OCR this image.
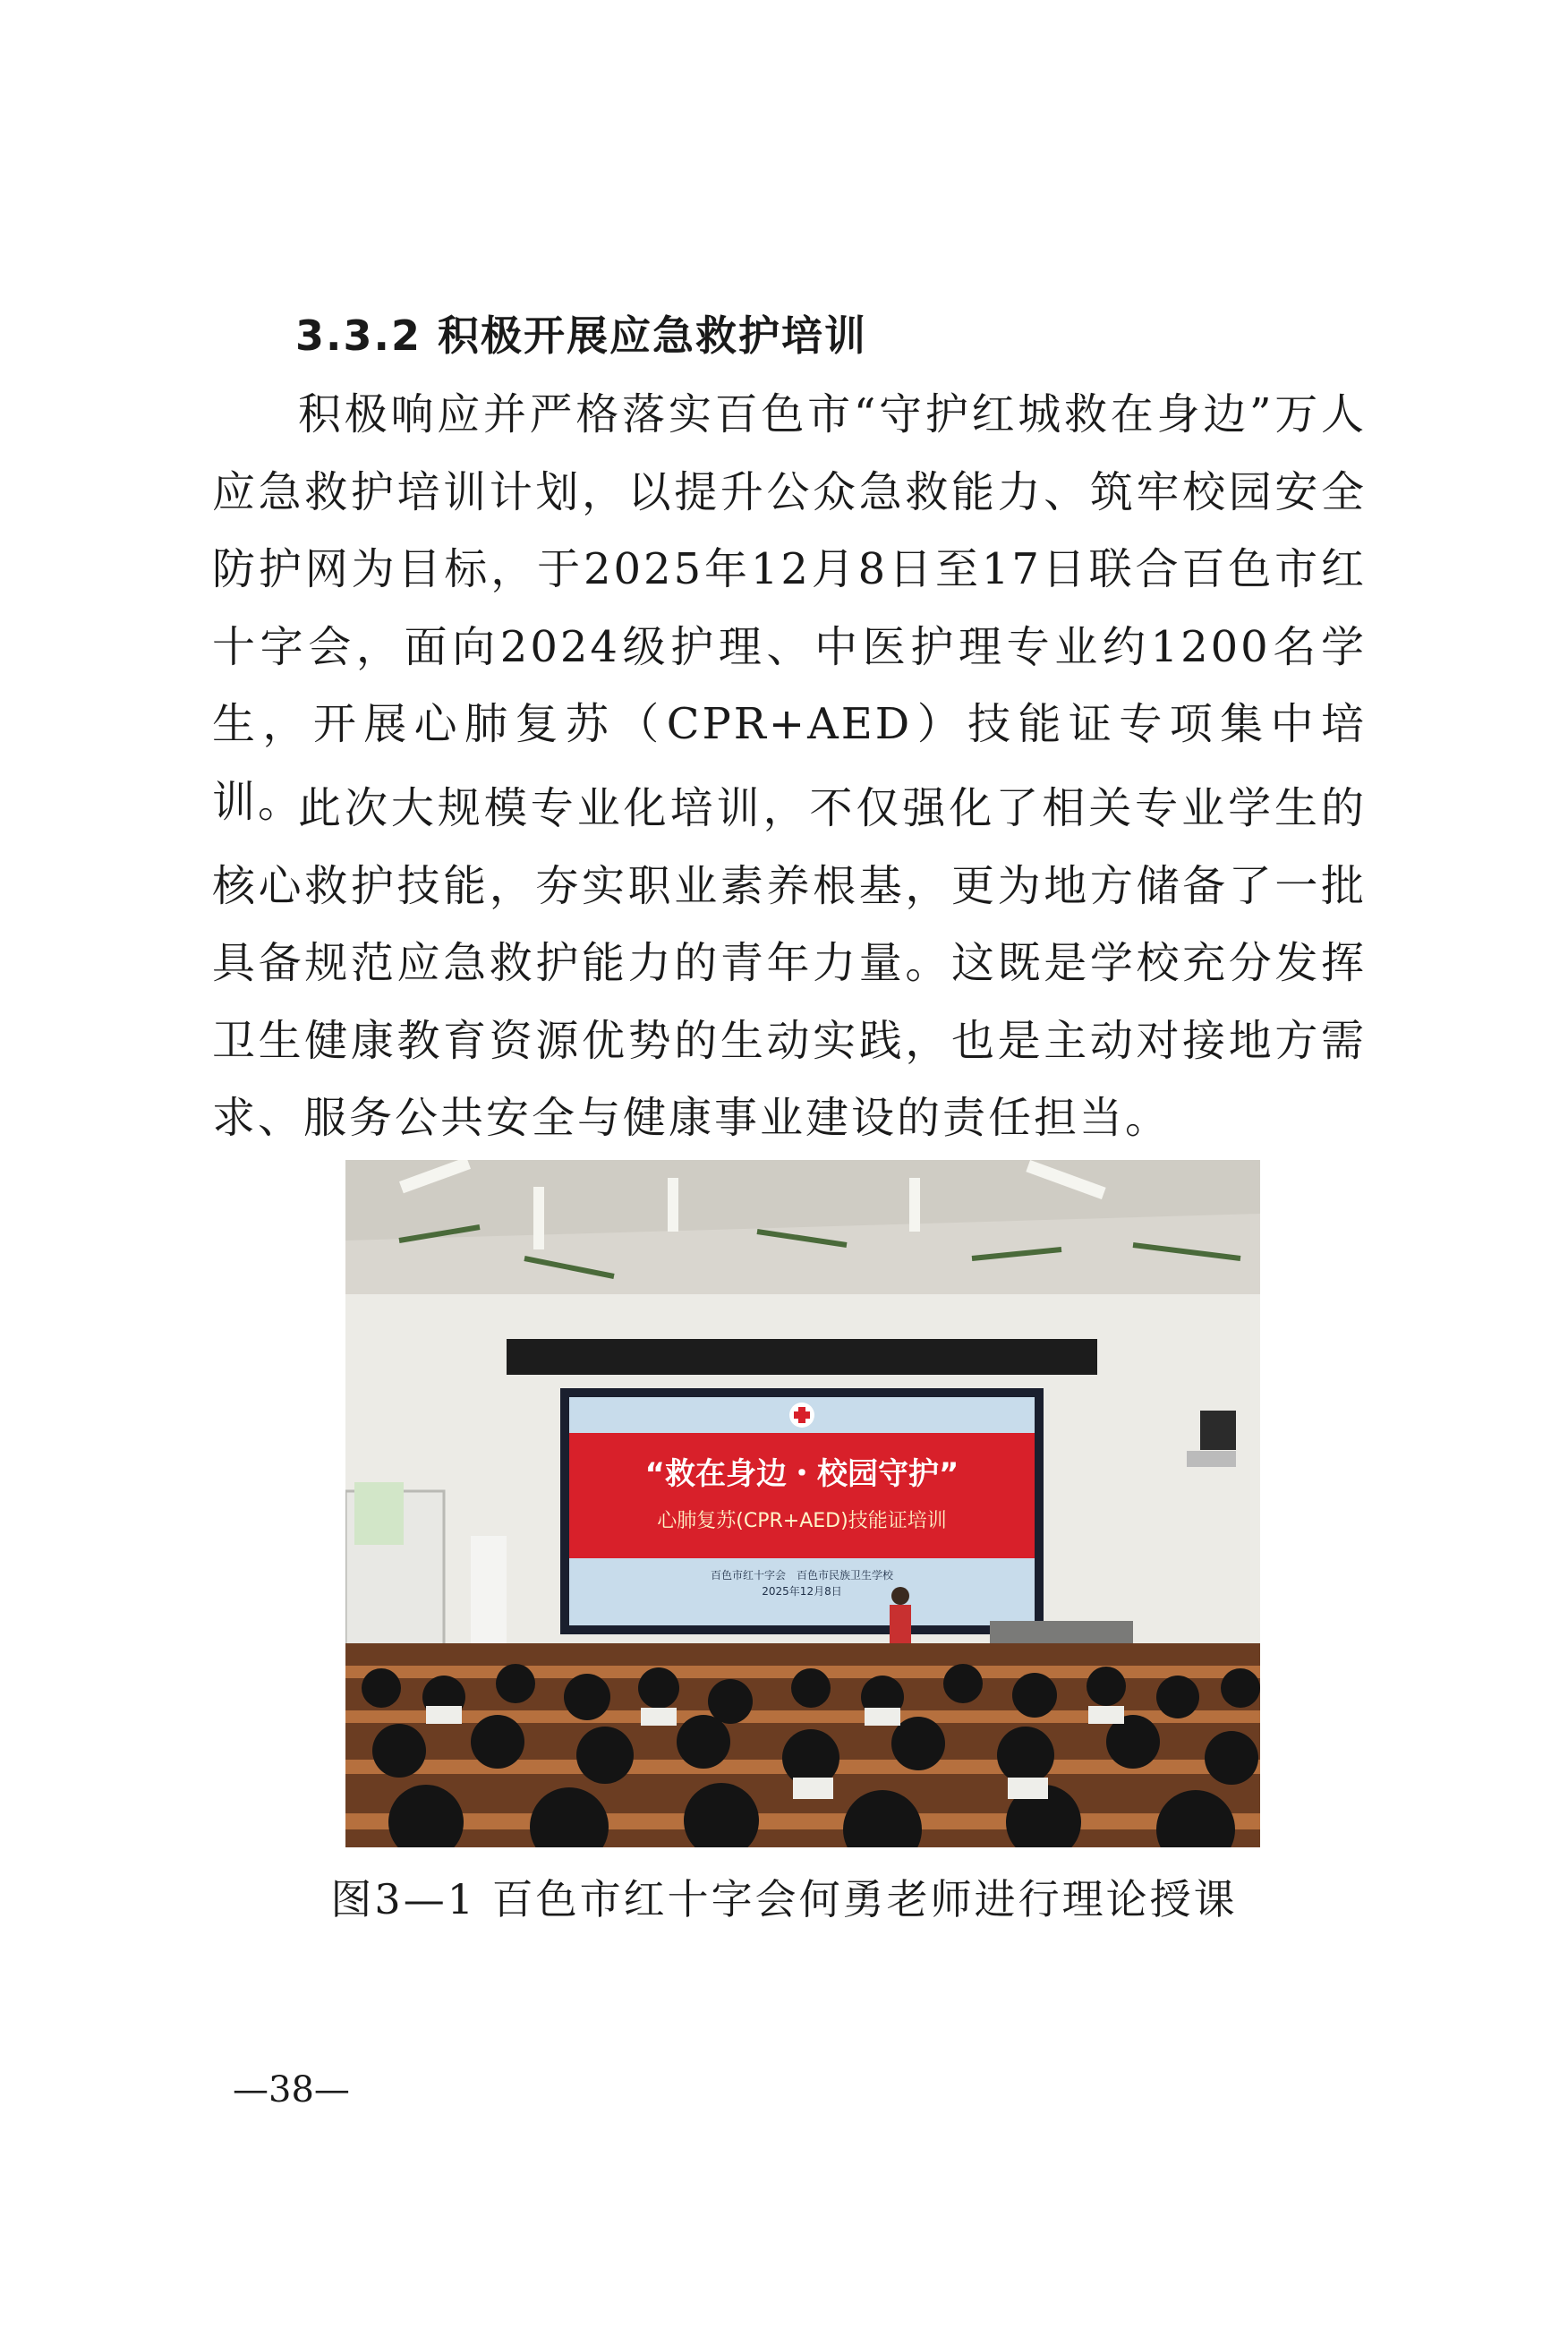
3.3.2 积极开展应急救护培训

积极响应并严格落实百色市“守护红城救在身边”万人应急救护培训计划，以提升公众急救能力、筑牢校园安全防护网为目标，于2025年12月8日至17日联合百色市红十字会，面向2024级护理、中医护理专业约1200名学生，开展心肺复苏（CPR+AED）技能证专项集中培训。

此次大规模专业化培训，不仅强化了相关专业学生的核心救护技能，夯实职业素养根基，更为地方储备了一批具备规范应急救护能力的青年力量。这既是学校充分发挥卫生健康教育资源优势的生动实践，也是主动对接地方需求、服务公共安全与健康事业建设的责任担当。

“救在身边・校园守护”
心肺复苏(CPR+AED)技能证培训
百色市红十字会　百色市民族卫生学校
2025年12月8日
图3—1 百色市红十字会何勇老师进行理论授课
—38—
